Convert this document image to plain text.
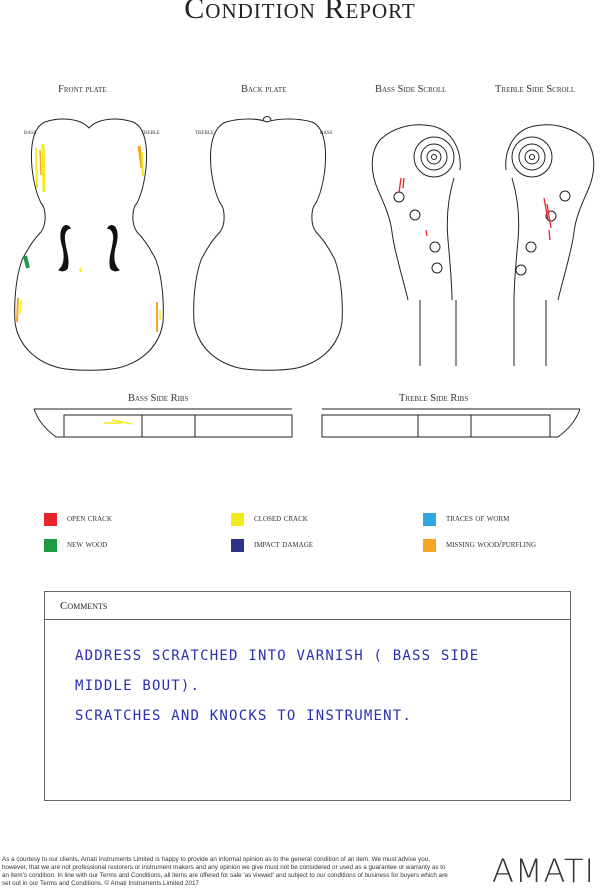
Condition Report
Front plate	Back plate	Bass Side Scroll	Treble Side Scroll
bass	treble	treble	bass
Bass Side Ribs	Treble Side Ribs
open crack	closed crack	traces of worm
new wood	impact damage	missing wood/purfling
Comments
ADDRESS SCRATCHED INTO VARNISH ( BASS SIDE
MIDDLE BOUT).
SCRATCHES AND KNOCKS TO INSTRUMENT.
As a courtesy to our clients, Amati Instruments Limited is happy to provide an informal opinion as to the general condition of an item. We must advise you, however, that we are not professional restorers or instrument makers and any opinion we give must not be considered or used as a guarantee or warranty as to an item's condition. In line with our Terms and Conditions, all items are offered for sale 'as viewed' and subject to our conditions of business for buyers which are set out in our Terms and Conditions. © Amati Instruments Limited 2017	AMATI
